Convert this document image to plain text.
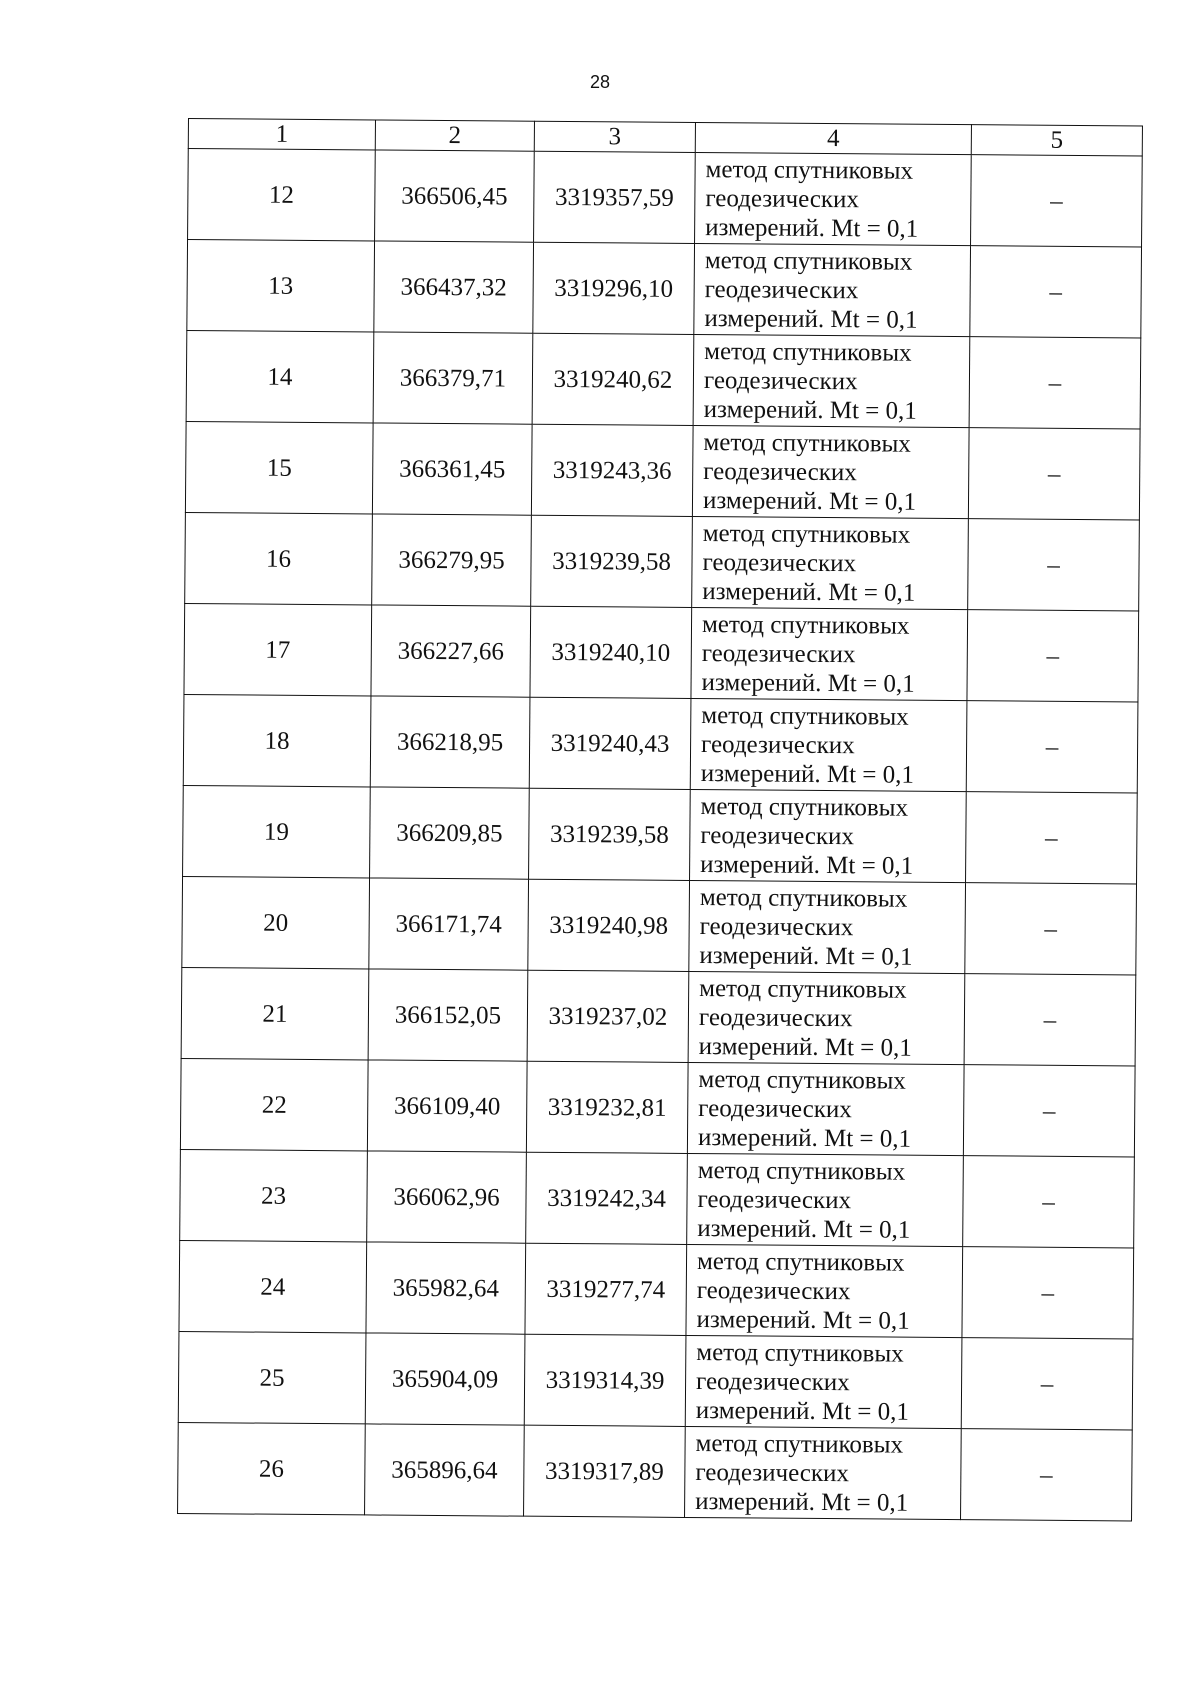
28
1	2	3	4	5
12	366506,45	3319357,59	метод спутниковых
геодезических
измерений. Mt = 0,1	–
13	366437,32	3319296,10	метод спутниковых
геодезических
измерений. Mt = 0,1	–
14	366379,71	3319240,62	метод спутниковых
геодезических
измерений. Mt = 0,1	–
15	366361,45	3319243,36	метод спутниковых
геодезических
измерений. Mt = 0,1	–
16	366279,95	3319239,58	метод спутниковых
геодезических
измерений. Mt = 0,1	–
17	366227,66	3319240,10	метод спутниковых
геодезических
измерений. Mt = 0,1	–
18	366218,95	3319240,43	метод спутниковых
геодезических
измерений. Mt = 0,1	–
19	366209,85	3319239,58	метод спутниковых
геодезических
измерений. Mt = 0,1	–
20	366171,74	3319240,98	метод спутниковых
геодезических
измерений. Mt = 0,1	–
21	366152,05	3319237,02	метод спутниковых
геодезических
измерений. Mt = 0,1	–
22	366109,40	3319232,81	метод спутниковых
геодезических
измерений. Mt = 0,1	–
23	366062,96	3319242,34	метод спутниковых
геодезических
измерений. Mt = 0,1	–
24	365982,64	3319277,74	метод спутниковых
геодезических
измерений. Mt = 0,1	–
25	365904,09	3319314,39	метод спутниковых
геодезических
измерений. Mt = 0,1	–
26	365896,64	3319317,89	метод спутниковых
геодезических
измерений. Mt = 0,1	–
